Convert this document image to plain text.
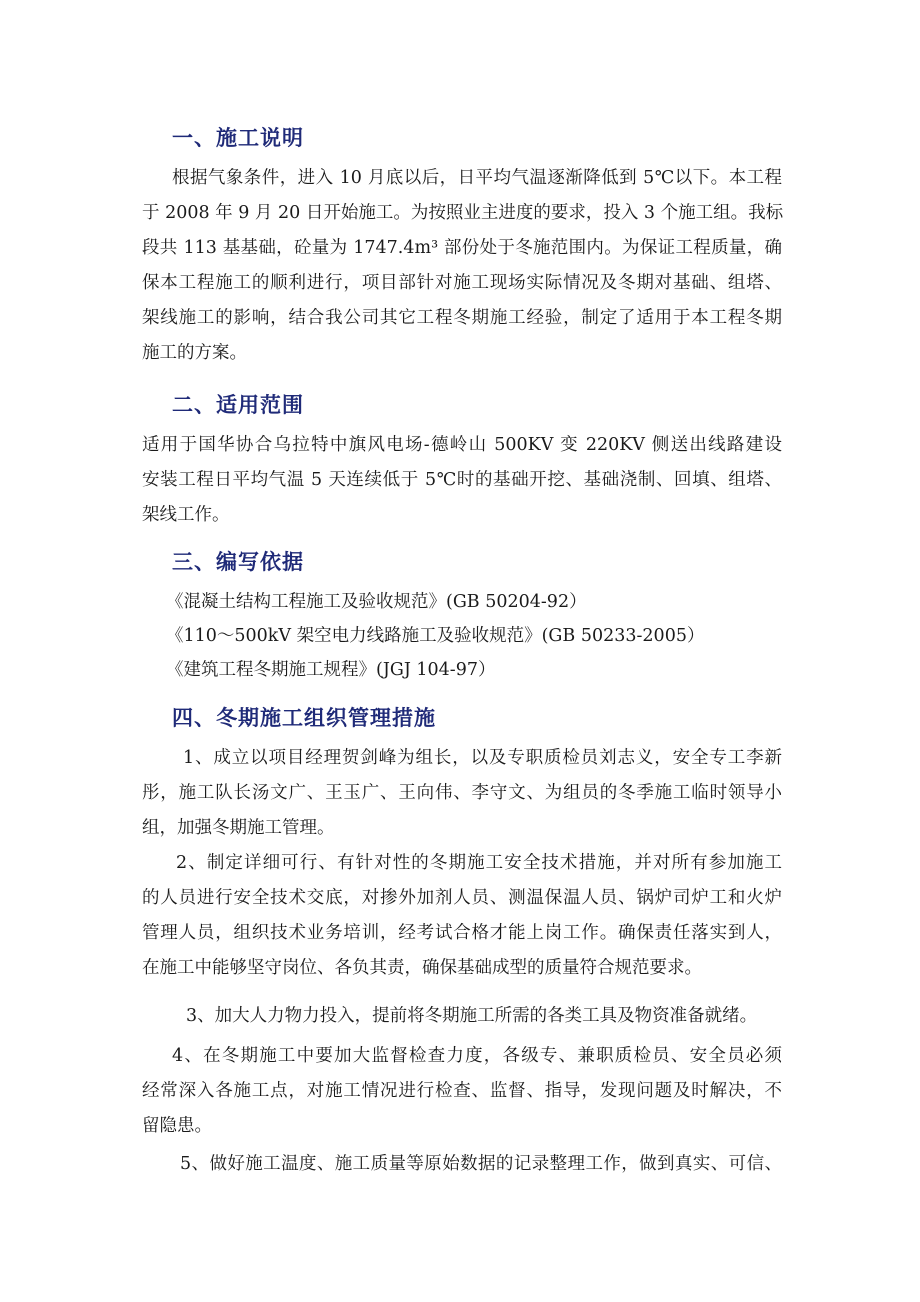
一、施工说明
根据气象条件，进入 10 月底以后，日平均气温逐渐降低到 5℃以下。本工程
于 2008 年 9 月 20 日开始施工。为按照业主进度的要求，投入 3 个施工组。我标
段共 113 基基础，砼量为 1747.4m³ 部份处于冬施范围内。为保证工程质量，确
保本工程施工的顺利进行，项目部针对施工现场实际情况及冬期对基础、组塔、
架线施工的影响，结合我公司其它工程冬期施工经验，制定了适用于本工程冬期
施工的方案。
二、适用范围
适用于国华协合乌拉特中旗风电场-德岭山 500KV 变 220KV 侧送出线路建设
安装工程日平均气温 5 天连续低于 5℃时的基础开挖、基础浇制、回填、组塔、
架线工作。
三、编写依据
《混凝土结构工程施工及验收规范》(GB 50204-92）
《110～500kV 架空电力线路施工及验收规范》(GB 50233-2005）
《建筑工程冬期施工规程》(JGJ 104-97）
四、冬期施工组织管理措施
1、成立以项目经理贺剑峰为组长，以及专职质检员刘志义，安全专工李新
彤，施工队长汤文广、王玉广、王向伟、李守文、为组员的冬季施工临时领导小
组，加强冬期施工管理。
2、制定详细可行、有针对性的冬期施工安全技术措施，并对所有参加施工
的人员进行安全技术交底，对掺外加剂人员、测温保温人员、锅炉司炉工和火炉
管理人员，组织技术业务培训，经考试合格才能上岗工作。确保责任落实到人，
在施工中能够坚守岗位、各负其责，确保基础成型的质量符合规范要求。
3、加大人力物力投入，提前将冬期施工所需的各类工具及物资准备就绪。
4、在冬期施工中要加大监督检查力度，各级专、兼职质检员、安全员必须
经常深入各施工点，对施工情况进行检查、监督、指导，发现问题及时解决，不
留隐患。
5、做好施工温度、施工质量等原始数据的记录整理工作，做到真实、可信、
